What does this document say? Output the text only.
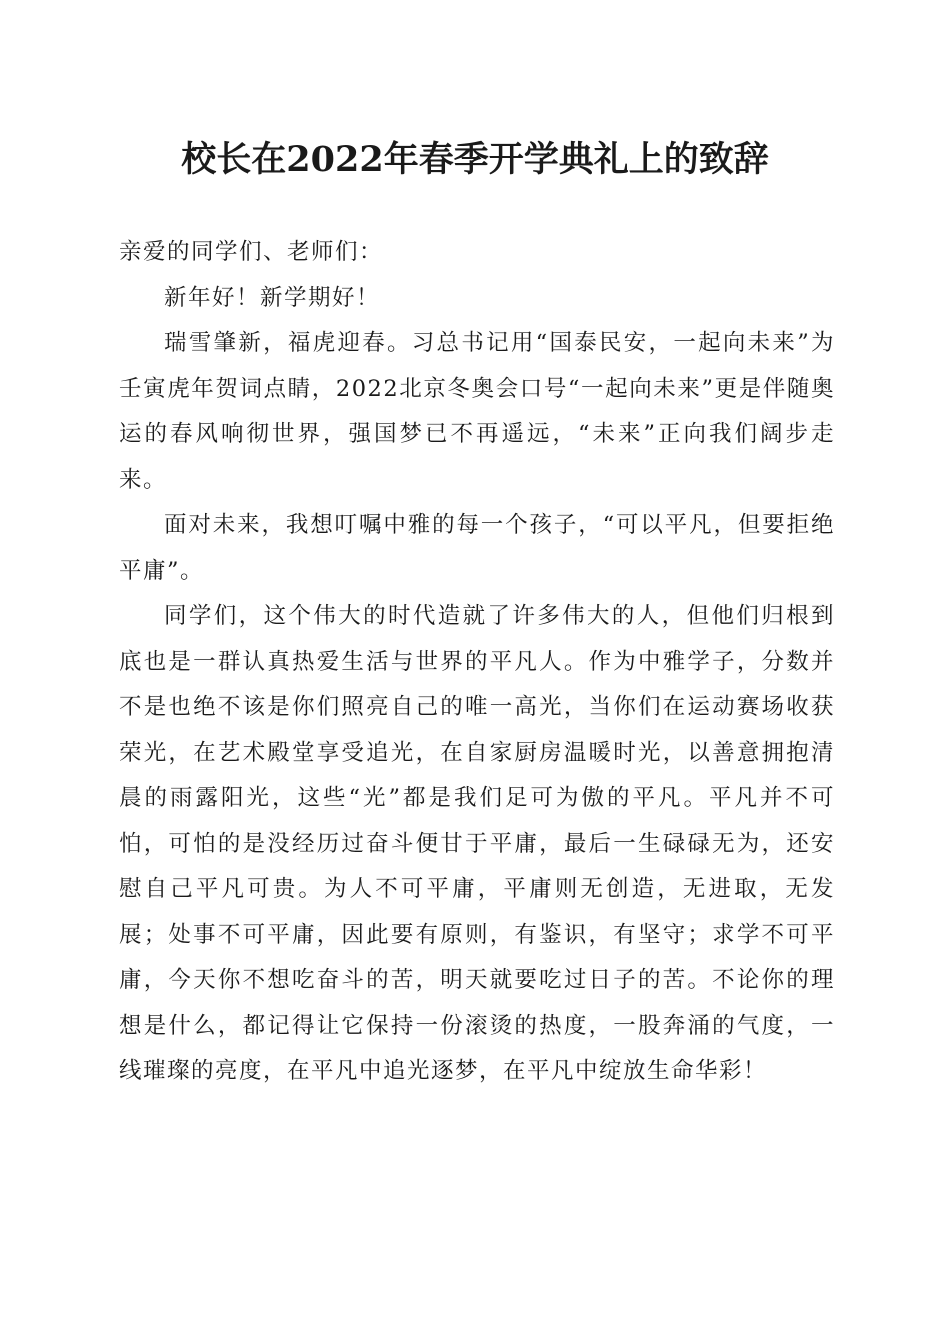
校长在2022年春季开学典礼上的致辞

亲爱的同学们、老师们：

新年好！新学期好！

瑞雪肇新，福虎迎春。习总书记用“国泰民安，一起向未来”为壬寅虎年贺词点睛，2022北京冬奥会口号“一起向未来”更是伴随奥运的春风响彻世界，强国梦已不再遥远，“未来”正向我们阔步走来。

面对未来，我想叮嘱中雅的每一个孩子，“可以平凡，但要拒绝平庸”。

同学们，这个伟大的时代造就了许多伟大的人，但他们归根到底也是一群认真热爱生活与世界的平凡人。作为中雅学子，分数并不是也绝不该是你们照亮自己的唯一高光，当你们在运动赛场收获荣光，在艺术殿堂享受追光，在自家厨房温暖时光，以善意拥抱清晨的雨露阳光，这些“光”都是我们足可为傲的平凡。平凡并不可怕，可怕的是没经历过奋斗便甘于平庸，最后一生碌碌无为，还安慰自己平凡可贵。为人不可平庸，平庸则无创造，无进取，无发展；处事不可平庸，因此要有原则，有鉴识，有坚守；求学不可平庸，今天你不想吃奋斗的苦，明天就要吃过日子的苦。不论你的理想是什么，都记得让它保持一份滚烫的热度，一股奔涌的气度，一线璀璨的亮度，在平凡中追光逐梦，在平凡中绽放生命华彩！
